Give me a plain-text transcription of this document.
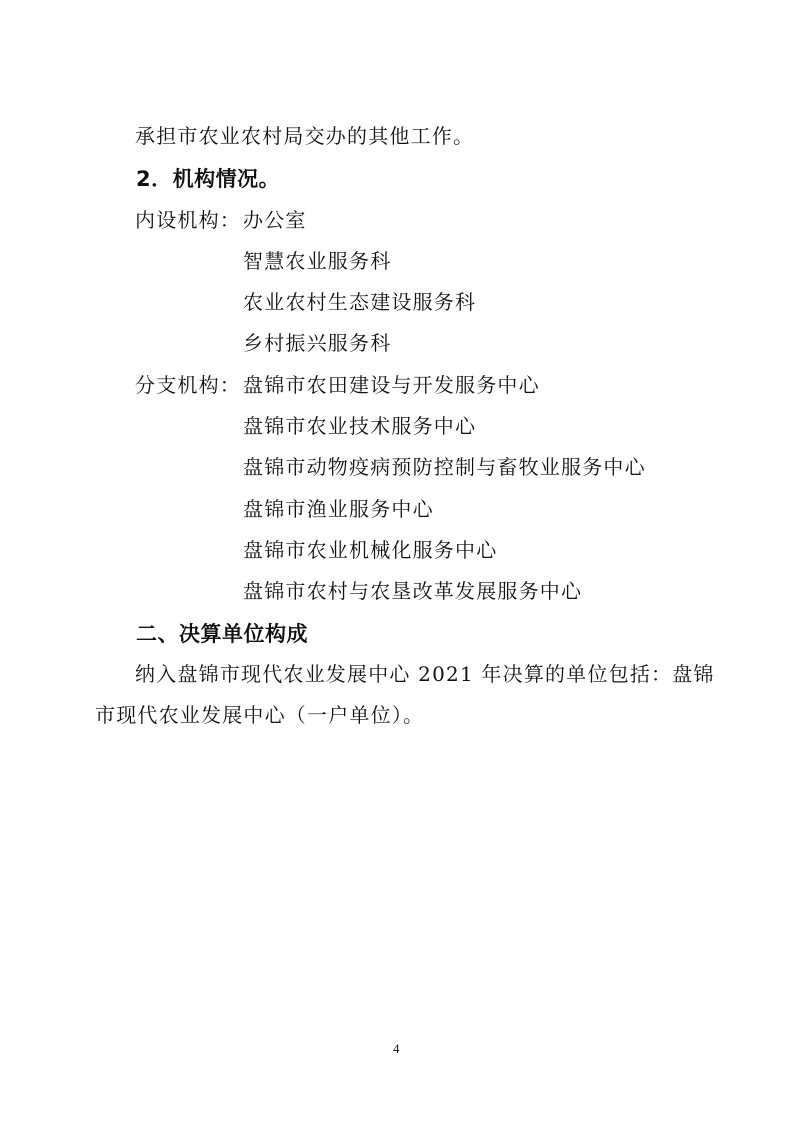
承担市农业农村局交办的其他工作。
2．机构情况。
内设机构： 办公室
智慧农业服务科
农业农村生态建设服务科
乡村振兴服务科
分支机构： 盘锦市农田建设与开发服务中心
盘锦市农业技术服务中心
盘锦市动物疫病预防控制与畜牧业服务中心
盘锦市渔业服务中心
盘锦市农业机械化服务中心
盘锦市农村与农垦改革发展服务中心
二、决算单位构成
纳入盘锦市现代农业发展中心 2021 年决算的单位包括：盘锦
市现代农业发展中心（一户单位）。
4
